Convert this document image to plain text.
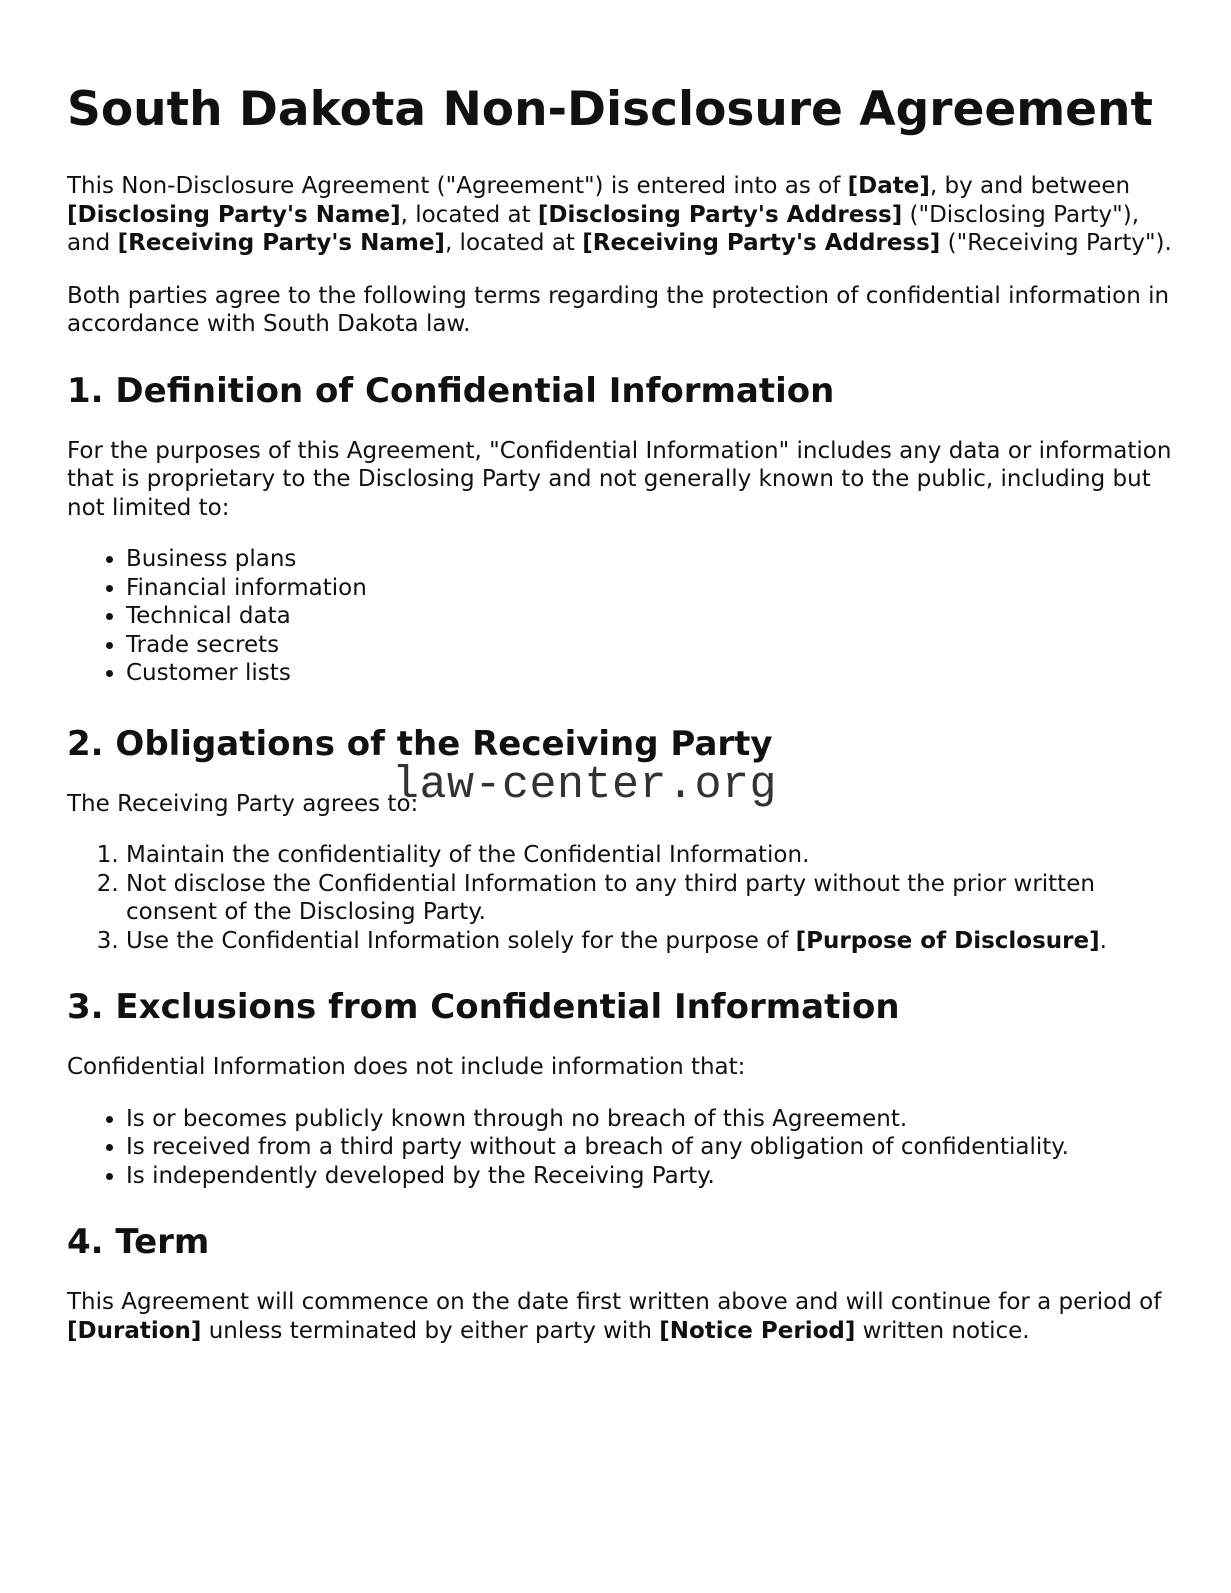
South Dakota Non-Disclosure Agreement

This Non-Disclosure Agreement ("Agreement") is entered into as of [Date], by and between [Disclosing Party's Name], located at [Disclosing Party's Address] ("Disclosing Party"), and [Receiving Party's Name], located at [Receiving Party's Address] ("Receiving Party").

Both parties agree to the following terms regarding the protection of confidential information in accordance with South Dakota law.

1. Definition of Confidential Information

For the purposes of this Agreement, "Confidential Information" includes any data or information that is proprietary to the Disclosing Party and not generally known to the public, including but not limited to:

• Business plans
• Financial information
• Technical data
• Trade secrets
• Customer lists
2. Obligations of the Receiving Party

The Receiving Party agrees to:

1. Maintain the confidentiality of the Confidential Information.
2. Not disclose the Confidential Information to any third party without the prior written consent of the Disclosing Party.
3. Use the Confidential Information solely for the purpose of [Purpose of Disclosure].
3. Exclusions from Confidential Information

Confidential Information does not include information that:

• Is or becomes publicly known through no breach of this Agreement.
• Is received from a third party without a breach of any obligation of confidentiality.
• Is independently developed by the Receiving Party.
4. Term

This Agreement will commence on the date first written above and will continue for a period of [Duration] unless terminated by either party with [Notice Period] written notice.

law-center.org
